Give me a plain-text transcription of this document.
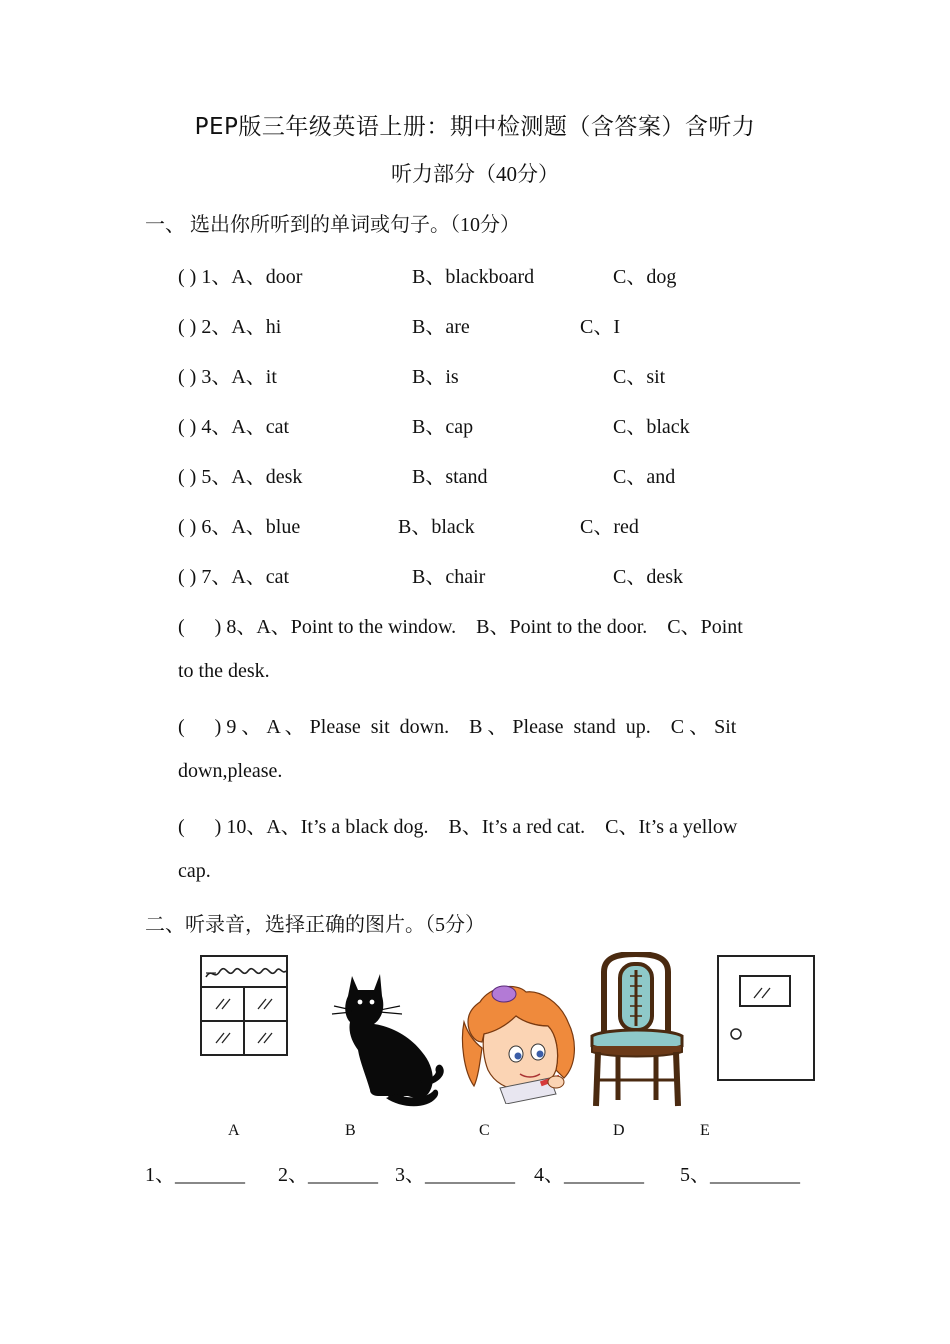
PEP版三年级英语上册：期中检测题（含答案）含听力
听力部分（40分）
一、 选出你所听到的单词或句子。（10分）
( ) 1、A、door	B、blackboard	C、dog
( ) 2、A、hi	B、are	C、I
( ) 3、A、it	B、is	C、sit
( ) 4、A、cat	B、cap	C、black
( ) 5、A、desk	B、stand	C、and
( ) 6、A、blue	B、black	C、red
( ) 7、A、cat	B、chair	C、desk
(      ) 8、A、Point to the window.    B、Point to the door.    C、Point
to the desk.
(      ) 9 、 A 、 Please  sit  down.    B 、 Please  stand  up.    C 、 Sit
down,please.
(      ) 10、A、It’s a black dog.    B、It’s a red cat.    C、It’s a yellow
cap.
二、听录音，选择正确的图片。（5分）
A	B	C	D	E
1、_______ 2、_______ 3、_________ 4、________ 5、_________
